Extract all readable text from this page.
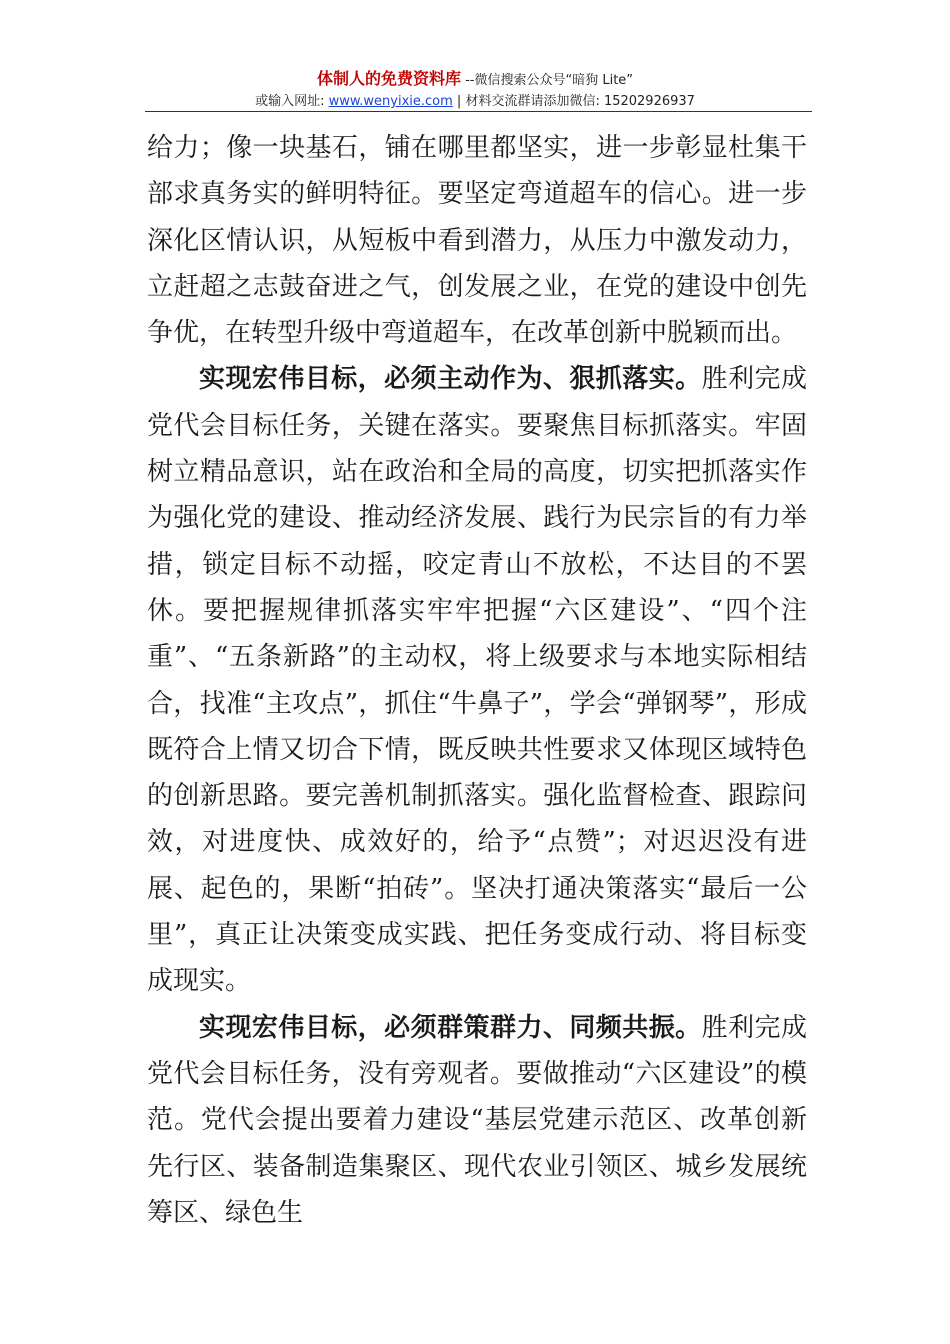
体制人的免费资料库 --微信搜索公众号“暗狗 Lite”
或输入网址: www.wenyixie.com | 材料交流群请添加微信: 15202926937

给力；像一块基石，铺在哪里都坚实，进一步彰显杜集干部求真务实的鲜明特征。要坚定弯道超车的信心。进一步深化区情认识，从短板中看到潜力，从压力中激发动力，立赶超之志鼓奋进之气，创发展之业，在党的建设中创先争优，在转型升级中弯道超车，在改革创新中脱颖而出。

实现宏伟目标，必须主动作为、狠抓落实。胜利完成党代会目标任务，关键在落实。要聚焦目标抓落实。牢固树立精品意识，站在政治和全局的高度，切实把抓落实作为强化党的建设、推动经济发展、践行为民宗旨的有力举措，锁定目标不动摇，咬定青山不放松，不达目的不罢休。要把握规律抓落实牢牢把握“六区建设”、“四个注重”、“五条新路”的主动权，将上级要求与本地实际相结合，找准“主攻点”，抓住“牛鼻子”，学会“弹钢琴”，形成既符合上情又切合下情，既反映共性要求又体现区域特色的创新思路。要完善机制抓落实。强化监督检查、跟踪问效，对进度快、成效好的，给予“点赞”；对迟迟没有进展、起色的，果断“拍砖”。坚决打通决策落实“最后一公里”，真正让决策变成实践、把任务变成行动、将目标变成现实。

实现宏伟目标，必须群策群力、同频共振。胜利完成党代会目标任务，没有旁观者。要做推动“六区建设”的模范。党代会提出要着力建设“基层党建示范区、改革创新先行区、装备制造集聚区、现代农业引领区、城乡发展统筹区、绿色生
